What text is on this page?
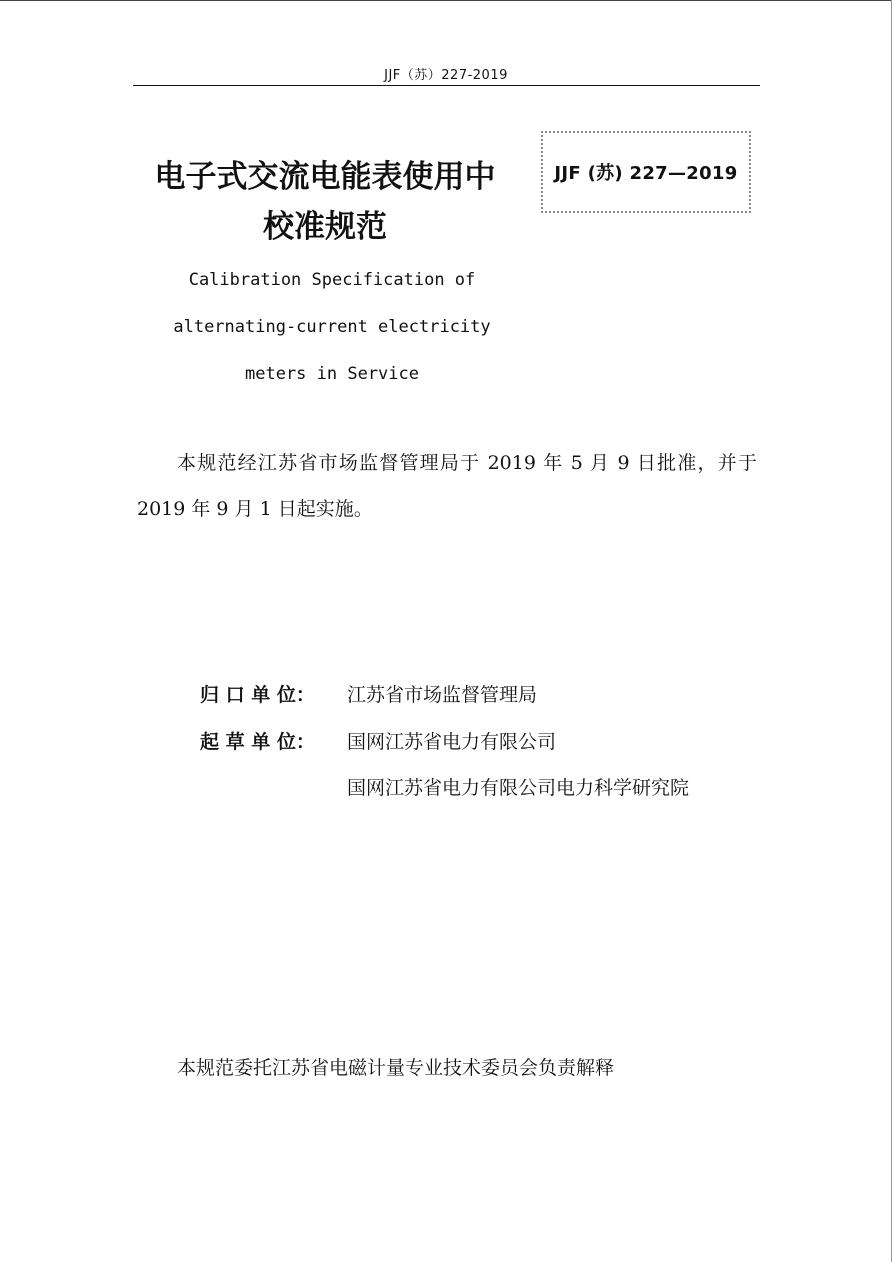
JJF（苏）227-2019
JJF (苏) 227—2019
电子式交流电能表使用中
校准规范
Calibration Specification of
alternating-current electricity
meters in Service

本规范经江苏省市场监督管理局于 2019 年 5 月 9 日批准，并于 2019 年 9 月 1 日起实施。

归 口 单 位：	江苏省市场监督管理局
起 草 单 位：	国网江苏省电力有限公司
国网江苏省电力有限公司电力科学研究院
本规范委托江苏省电磁计量专业技术委员会负责解释
